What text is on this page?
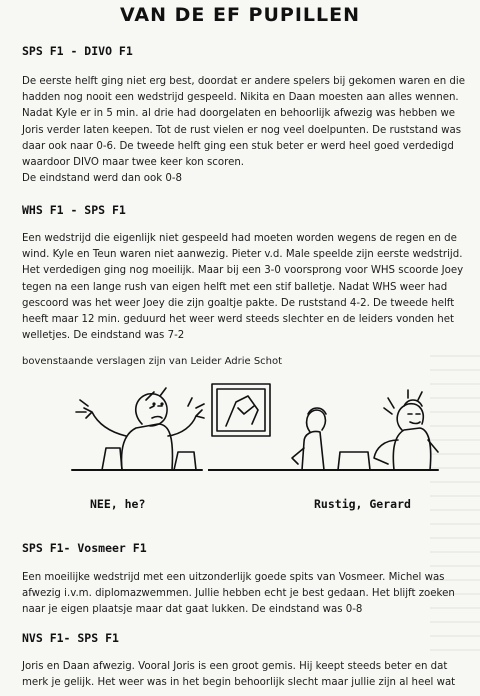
VAN DE EF PUPILLEN
SPS F1 - DIVO F1
De eerste helft ging niet erg best, doordat er andere spelers bij gekomen waren en die
hadden nog nooit een wedstrijd gespeeld. Nikita en Daan moesten aan alles wennen.
Nadat Kyle er in 5 min. al drie had doorgelaten en behoorlijk afwezig was hebben we
Joris verder laten keepen. Tot de rust vielen er nog veel doelpunten. De ruststand was
daar ook naar 0-6. De tweede helft ging een stuk beter er werd heel goed verdedigd
waardoor DIVO maar twee keer kon scoren.
De eindstand werd dan ook 0-8
WHS F1 - SPS F1
Een wedstrijd die eigenlijk niet gespeeld had moeten worden wegens de regen en de
wind. Kyle en Teun waren niet aanwezig. Pieter v.d. Male speelde zijn eerste wedstrijd.
Het verdedigen ging nog moeilijk. Maar bij een 3-0 voorsprong voor WHS scoorde Joey
tegen na een lange rush van eigen helft met een stif balletje. Nadat WHS weer had
gescoord was het weer Joey die zijn goaltje pakte. De ruststand 4-2. De tweede helft
heeft maar 12 min. geduurd het weer werd steeds slechter en de leiders vonden het
welletjes. De eindstand was 7-2
bovenstaande verslagen zijn van Leider Adrie Schot
NEE, he?	Rustig, Gerard
SPS F1- Vosmeer F1
Een moeilijke wedstrijd met een uitzonderlijk goede spits van Vosmeer. Michel was
afwezig i.v.m. diplomazwemmen. Jullie hebben echt je best gedaan. Het blijft zoeken
naar je eigen plaatsje maar dat gaat lukken. De eindstand was 0-8
NVS F1- SPS F1
Joris en Daan afwezig. Vooral Joris is een groot gemis. Hij keept steeds beter en dat
merk je gelijk. Het weer was in het begin behoorlijk slecht maar jullie zijn al heel wat
